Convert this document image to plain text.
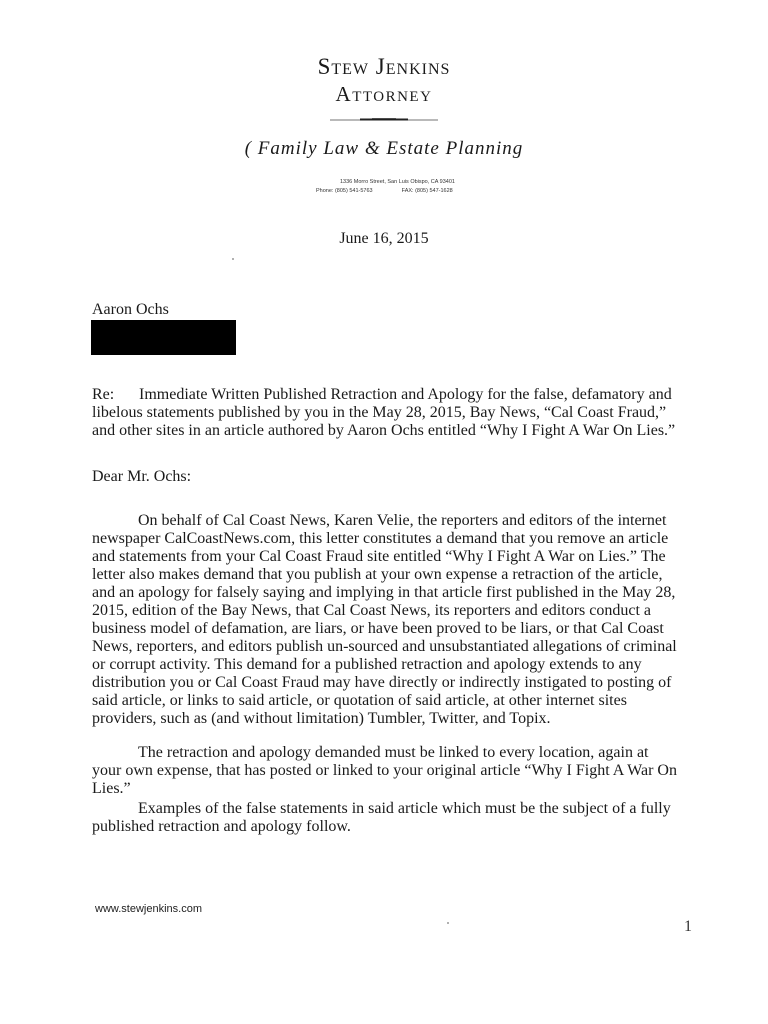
Stew Jenkins
Attorney
( Family Law & Estate Planning
1336 Morro Street, San Luis Obispo, CA 93401
Phone: (805) 541-5763	FAX: (805) 547-1628
June 16, 2015
Aaron Ochs
Re: Immediate Written Published Retraction and Apology for the false, defamatory and libelous statements published by you in the May 28, 2015, Bay News, “Cal Coast Fraud,” and other sites in an article authored by Aaron Ochs entitled “Why I Fight A War On Lies.”
Dear Mr. Ochs:
On behalf of Cal Coast News, Karen Velie, the reporters and editors of the internet newspaper CalCoastNews.com, this letter constitutes a demand that you remove an article and statements from your Cal Coast Fraud site entitled “Why I Fight A War on Lies.” The letter also makes demand that you publish at your own expense a retraction of the article, and an apology for falsely saying and implying in that article first published in the May 28, 2015, edition of the Bay News, that Cal Coast News, its reporters and editors conduct a business model of defamation, are liars, or have been proved to be liars, or that Cal Coast News, reporters, and editors publish un-sourced and unsubstantiated allegations of criminal or corrupt activity. This demand for a published retraction and apology extends to any distribution you or Cal Coast Fraud may have directly or indirectly instigated to posting of said article, or links to said article, or quotation of said article, at other internet sites providers, such as (and without limitation) Tumbler, Twitter, and Topix.
The retraction and apology demanded must be linked to every location, again at your own expense, that has posted or linked to your original article “Why I Fight A War On Lies.”
Examples of the false statements in said article which must be the subject of a fully published retraction and apology follow.
www.stewjenkins.com
1
